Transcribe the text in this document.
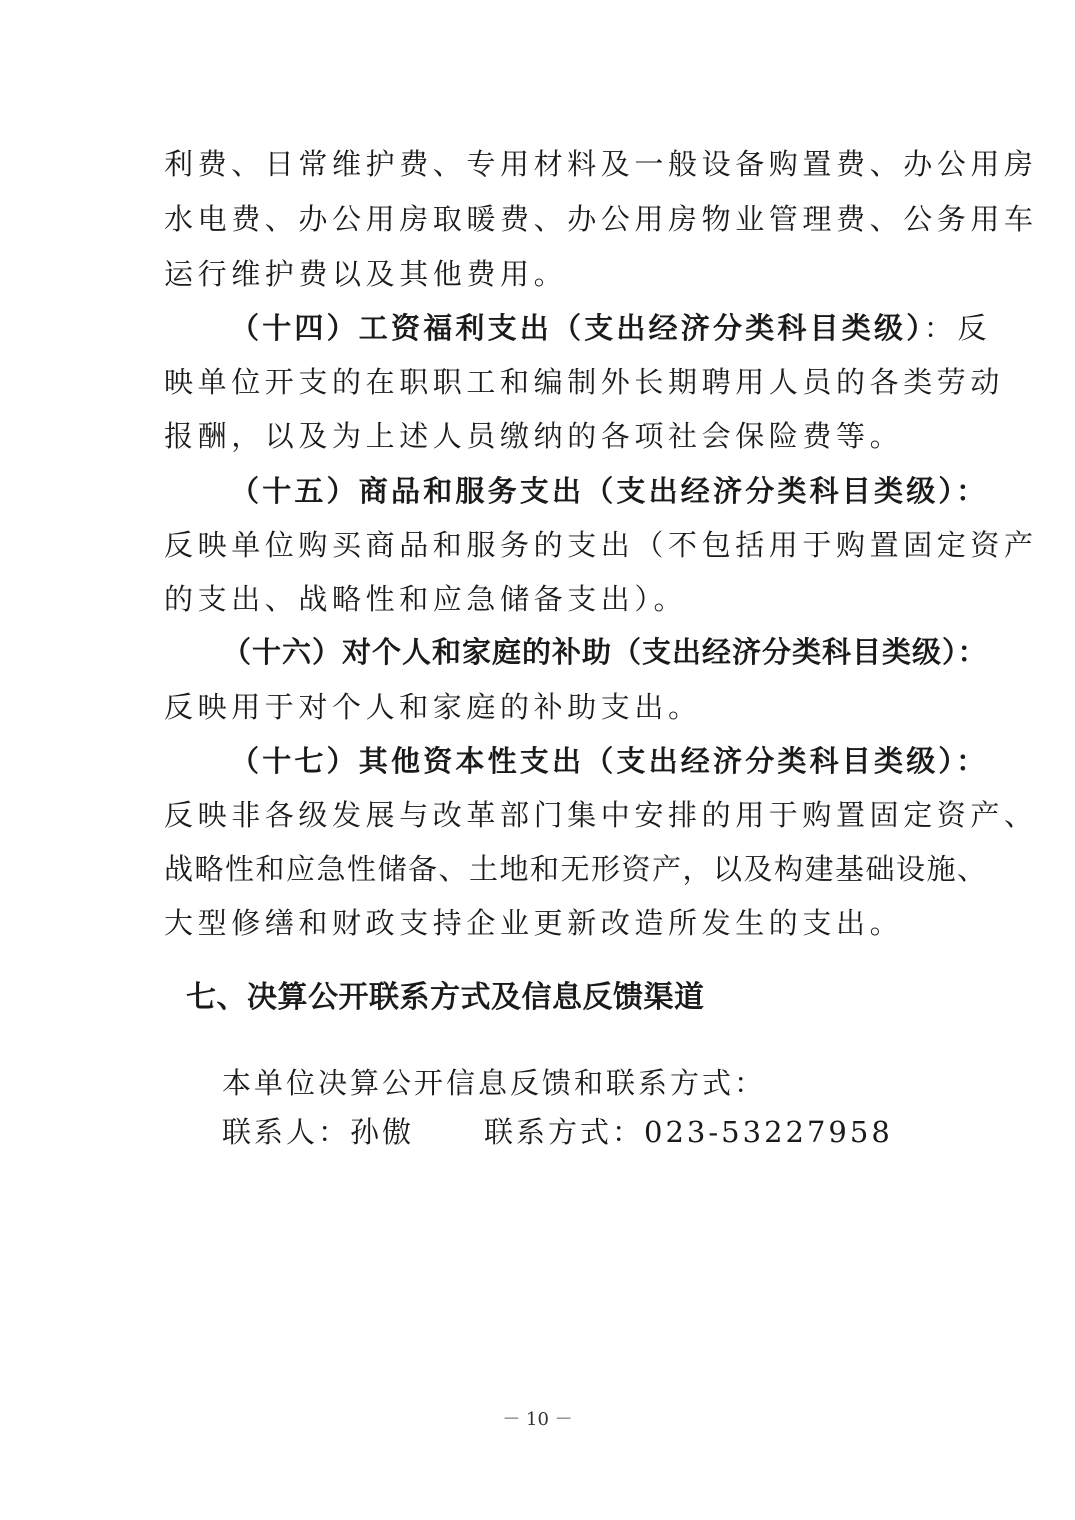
利费、日常维护费、专用材料及一般设备购置费、办公用房
水电费、办公用房取暖费、办公用房物业管理费、公务用车
运行维护费以及其他费用。
（十四）工资福利支出（支出经济分类科目类级）：反
映单位开支的在职职工和编制外长期聘用人员的各类劳动
报酬，以及为上述人员缴纳的各项社会保险费等。
（十五）商品和服务支出（支出经济分类科目类级）：
反映单位购买商品和服务的支出（不包括用于购置固定资产
的支出、战略性和应急储备支出）。
（十六）对个人和家庭的补助（支出经济分类科目类级）：
反映用于对个人和家庭的补助支出。
（十七）其他资本性支出（支出经济分类科目类级）：
反映非各级发展与改革部门集中安排的用于购置固定资产、
战略性和应急性储备、土地和无形资产，以及构建基础设施、
大型修缮和财政支持企业更新改造所发生的支出。
七、决算公开联系方式及信息反馈渠道
本单位决算公开信息反馈和联系方式：
联系人：孙傲 联系方式：023-53227958
－ 10 －
